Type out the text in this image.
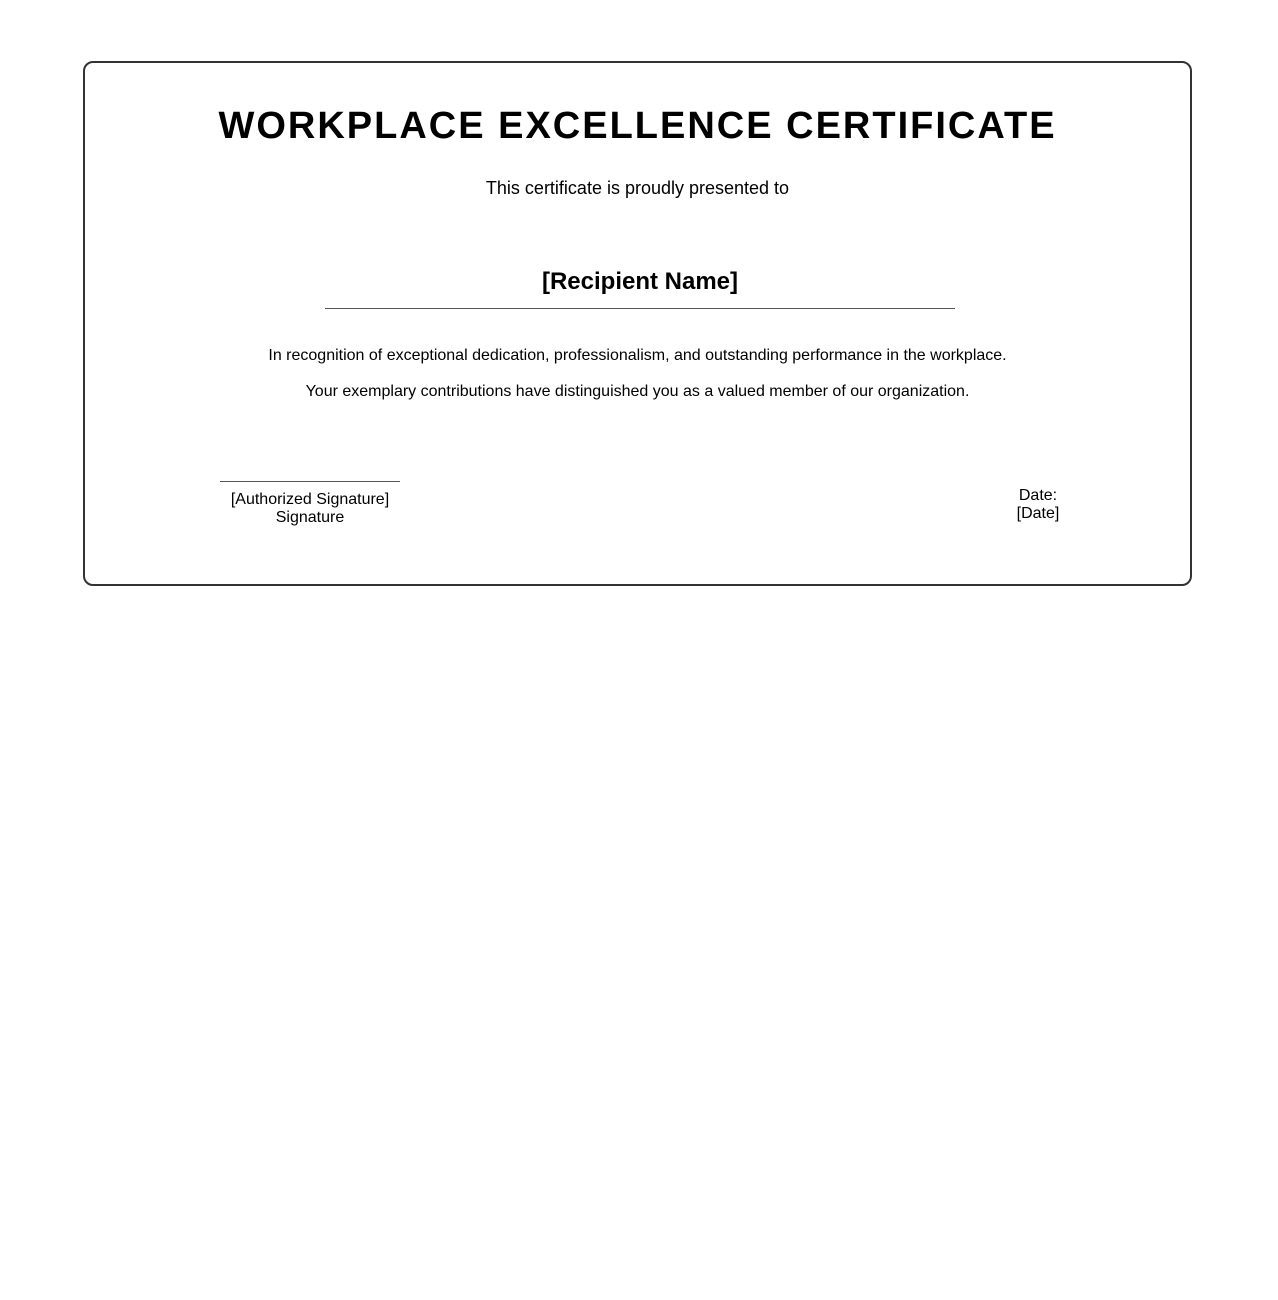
WORKPLACE EXCELLENCE CERTIFICATE
This certificate is proudly presented to
[Recipient Name]
In recognition of exceptional dedication, professionalism, and outstanding performance in the workplace.
Your exemplary contributions have distinguished you as a valued member of our organization.
[Authorized Signature]
Signature
Date:
[Date]
